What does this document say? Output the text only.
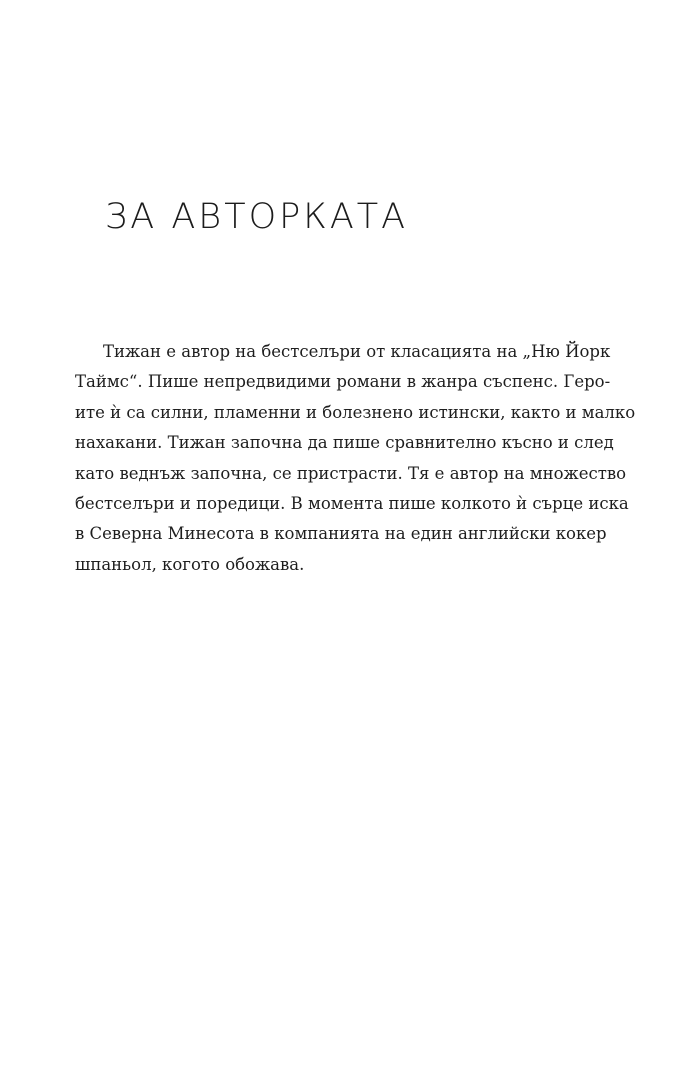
ЗА АВТОРКАТА
Тижан е автор на бестселъри от класацията на „Ню Йорк
Таймс“. Пише непредвидими романи в жанра съспенс. Геро-
ите ѝ са силни, пламенни и болезнено истински, както и малко
нахакани. Тижан започна да пише сравнително късно и след
като веднъж започна, се пристрасти. Тя е автор на множество
бестселъри и поредици. В момента пише колкото ѝ сърце иска
в Северна Минесота в компанията на един английски кокер
шпаньол, когото обожава.
